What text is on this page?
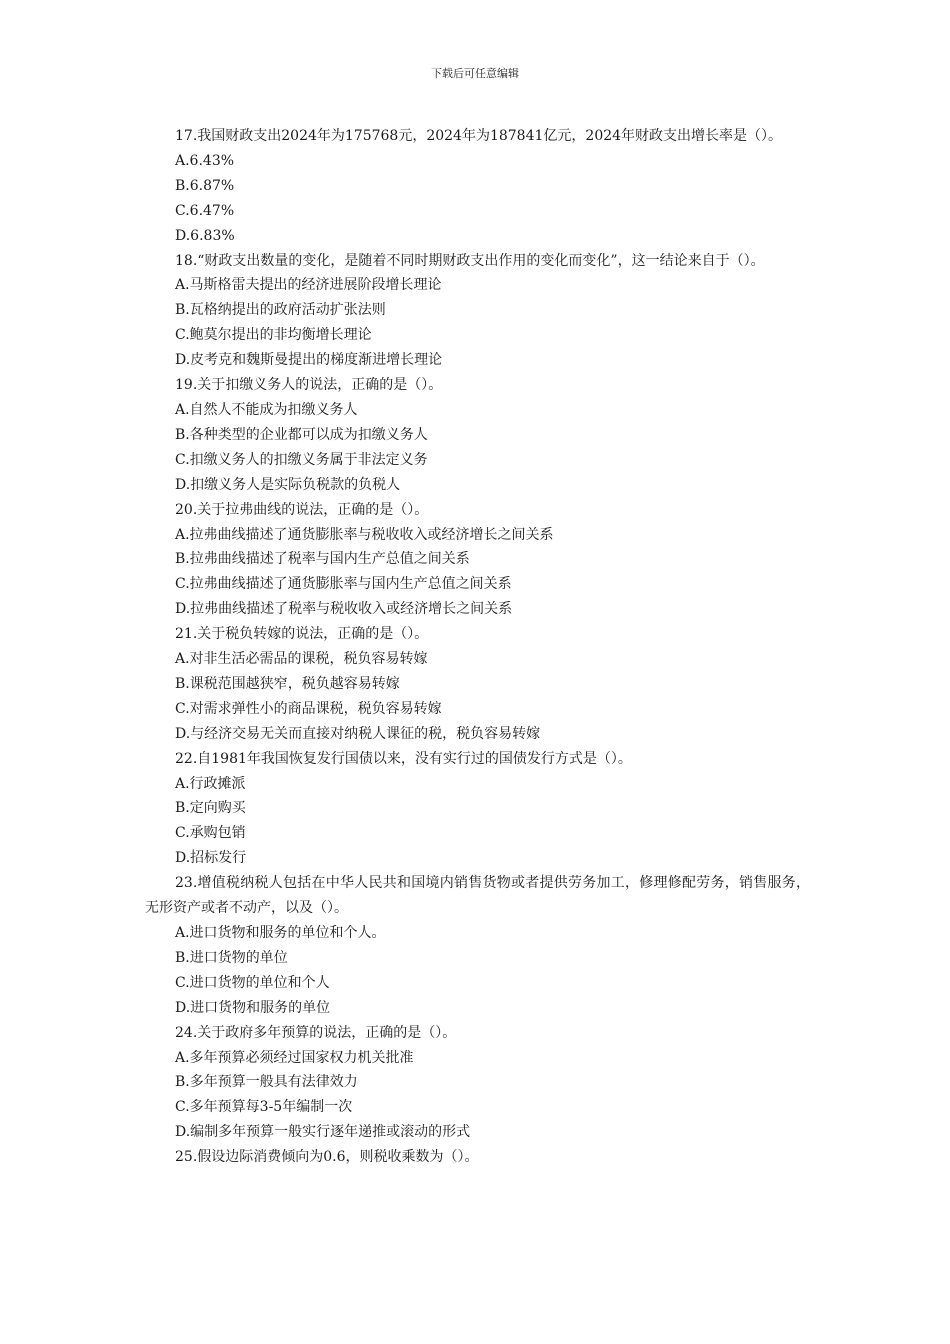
下载后可任意编辑
17.我国财政支出2024年为175768元，2024年为187841亿元，2024年财政支出增长率是（）。
A.6.43%
B.6.87%
C.6.47%
D.6.83%
18.“财政支出数量的变化，是随着不同时期财政支出作用的变化而变化”，这一结论来自于（）。
A.马斯格雷夫提出的经济进展阶段增长理论
B.瓦格纳提出的政府活动扩张法则
C.鲍莫尔提出的非均衡增长理论
D.皮考克和魏斯曼提出的梯度渐进增长理论
19.关于扣缴义务人的说法，正确的是（）。
A.自然人不能成为扣缴义务人
B.各种类型的企业都可以成为扣缴义务人
C.扣缴义务人的扣缴义务属于非法定义务
D.扣缴义务人是实际负税款的负税人
20.关于拉弗曲线的说法，正确的是（）。
A.拉弗曲线描述了通货膨胀率与税收收入或经济增长之间关系
B.拉弗曲线描述了税率与国内生产总值之间关系
C.拉弗曲线描述了通货膨胀率与国内生产总值之间关系
D.拉弗曲线描述了税率与税收收入或经济增长之间关系
21.关于税负转嫁的说法，正确的是（）。
A.对非生活必需品的课税，税负容易转嫁
B.课税范围越狭窄，税负越容易转嫁
C.对需求弹性小的商品课税，税负容易转嫁
D.与经济交易无关而直接对纳税人课征的税，税负容易转嫁
22.自1981年我国恢复发行国债以来，没有实行过的国债发行方式是（）。
A.行政摊派
B.定向购买
C.承购包销
D.招标发行
23.增值税纳税人包括在中华人民共和国境内销售货物或者提供劳务加工，修理修配劳务，销售服务，无形资产或者不动产，以及（）。
A.进口货物和服务的单位和个人。
B.进口货物的单位
C.进口货物的单位和个人
D.进口货物和服务的单位
24.关于政府多年预算的说法，正确的是（）。
A.多年预算必须经过国家权力机关批准
B.多年预算一般具有法律效力
C.多年预算每3-5年编制一次
D.编制多年预算一般实行逐年递推或滚动的形式
25.假设边际消费倾向为0.6，则税收乘数为（）。
